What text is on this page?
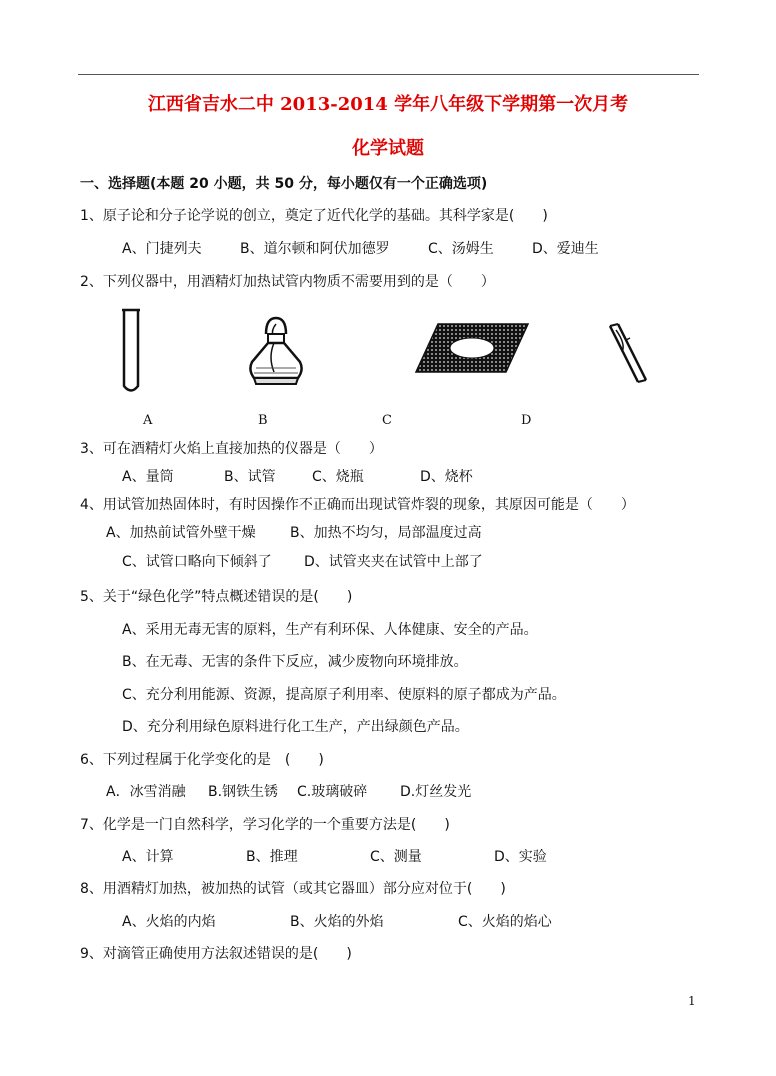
江西省吉水二中 2013-2014 学年八年级下学期第一次月考
化学试题
一、选择题(本题 20 小题，共 50 分，每小题仅有一个正确选项)
1、原子论和分子论学说的创立，奠定了近代化学的基础。其科学家是(　　)
A、门捷列夫	B、道尔顿和阿伏加德罗	C、汤姆生	D、爱迪生
2、下列仪器中，用酒精灯加热试管内物质不需要用到的是（　　）
A	B	C	D
3、可在酒精灯火焰上直接加热的仪器是（　　）
A、量筒	B、试管	C、烧瓶	D、烧杯
4、用试管加热固体时，有时因操作不正确而出现试管炸裂的现象，其原因可能是（　　）
A、加热前试管外壁干燥 B、加热不均匀，局部温度过高
C、试管口略向下倾斜了 D、试管夹夹在试管中上部了
5、关于“绿色化学”特点概述错误的是(　　)
A、采用无毒无害的原料，生产有利环保、人体健康、安全的产品。
B、在无毒、无害的条件下反应，减少废物向环境排放。
C、充分利用能源、资源，提高原子利用率、使原料的原子都成为产品。
D、充分利用绿色原料进行化工生产，产出绿颜色产品。
6、下列过程属于化学变化的是　(　　)
A．冰雪消融 B.钢铁生锈 C.玻璃破碎 D.灯丝发光
7、化学是一门自然科学，学习化学的一个重要方法是(　　)
A、计算	B、推理	C、测量	D、实验
8、用酒精灯加热，被加热的试管（或其它器皿）部分应对位于(　　)
A、火焰的内焰	B、火焰的外焰	C、火焰的焰心
9、对滴管正确使用方法叙述错误的是(　　)
1
